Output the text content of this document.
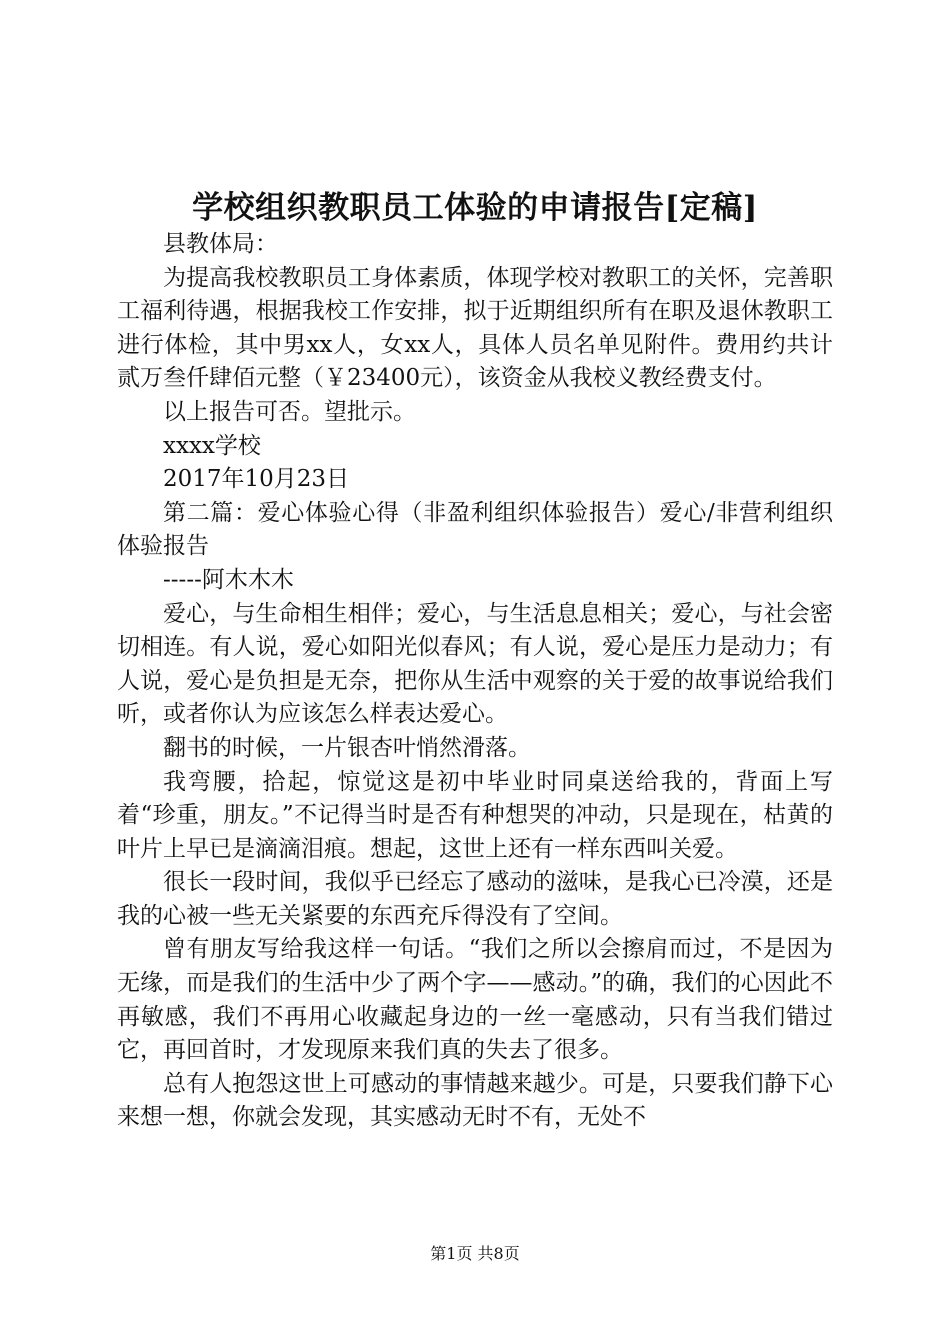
学校组织教职员工体验的申请报告[定稿]

县教体局：

为提高我校教职员工身体素质，体现学校对教职工的关怀，完善职工福利待遇，根据我校工作安排，拟于近期组织所有在职及退休教职工进行体检，其中男xx人，女xx人，具体人员名单见附件。费用约共计贰万叁仟肆佰元整（￥23400元），该资金从我校义教经费支付。

以上报告可否。望批示。

xxxx学校

2017年10月23日

第二篇：爱心体验心得（非盈利组织体验报告）爱心/非营利组织体验报告

-----阿木木木

爱心，与生命相生相伴；爱心，与生活息息相关；爱心，与社会密切相连。有人说，爱心如阳光似春风；有人说，爱心是压力是动力；有人说，爱心是负担是无奈，把你从生活中观察的关于爱的故事说给我们听，或者你认为应该怎么样表达爱心。

翻书的时候，一片银杏叶悄然滑落。

我弯腰，拾起，惊觉这是初中毕业时同桌送给我的，背面上写着“珍重，朋友。”不记得当时是否有种想哭的冲动，只是现在，枯黄的叶片上早已是滴滴泪痕。想起，这世上还有一样东西叫关爱。

很长一段时间，我似乎已经忘了感动的滋味，是我心已冷漠，还是我的心被一些无关紧要的东西充斥得没有了空间。

曾有朋友写给我这样一句话。“我们之所以会擦肩而过，不是因为无缘，而是我们的生活中少了两个字——感动。”的确，我们的心因此不再敏感，我们不再用心收藏起身边的一丝一毫感动，只有当我们错过它，再回首时，才发现原来我们真的失去了很多。

总有人抱怨这世上可感动的事情越来越少。可是，只要我们静下心来想一想，你就会发现，其实感动无时不有，无处不

第1页 共8页
